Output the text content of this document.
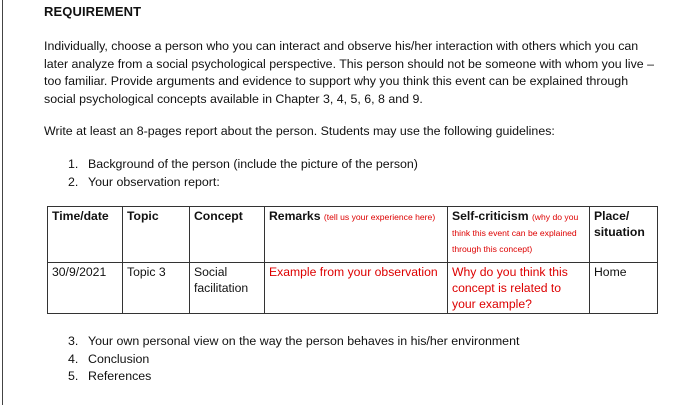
REQUIREMENT

Individually, choose a person who you can interact and observe his/her interaction with others which you can later analyze from a social psychological perspective. This person should not be someone with whom you live – too familiar. Provide arguments and evidence to support why you think this event can be explained through social psychological concepts available in Chapter 3, 4, 5, 6, 8 and 9.

Write at least an 8-pages report about the person. Students may use the following guidelines:

1. Background of the person (include the picture of the person)
2. Your observation report:
Time/date	Topic	Concept	Remarks (tell us your experience here)	Self-criticism (why do you think this event can be explained through this concept)	Place/
situation
30/9/2021	Topic 3	Social
facilitation	Example from your observation	Why do you think this concept is related to your example?	Home
3. Your own personal view on the way the person behaves in his/her environment
4. Conclusion
5. References
